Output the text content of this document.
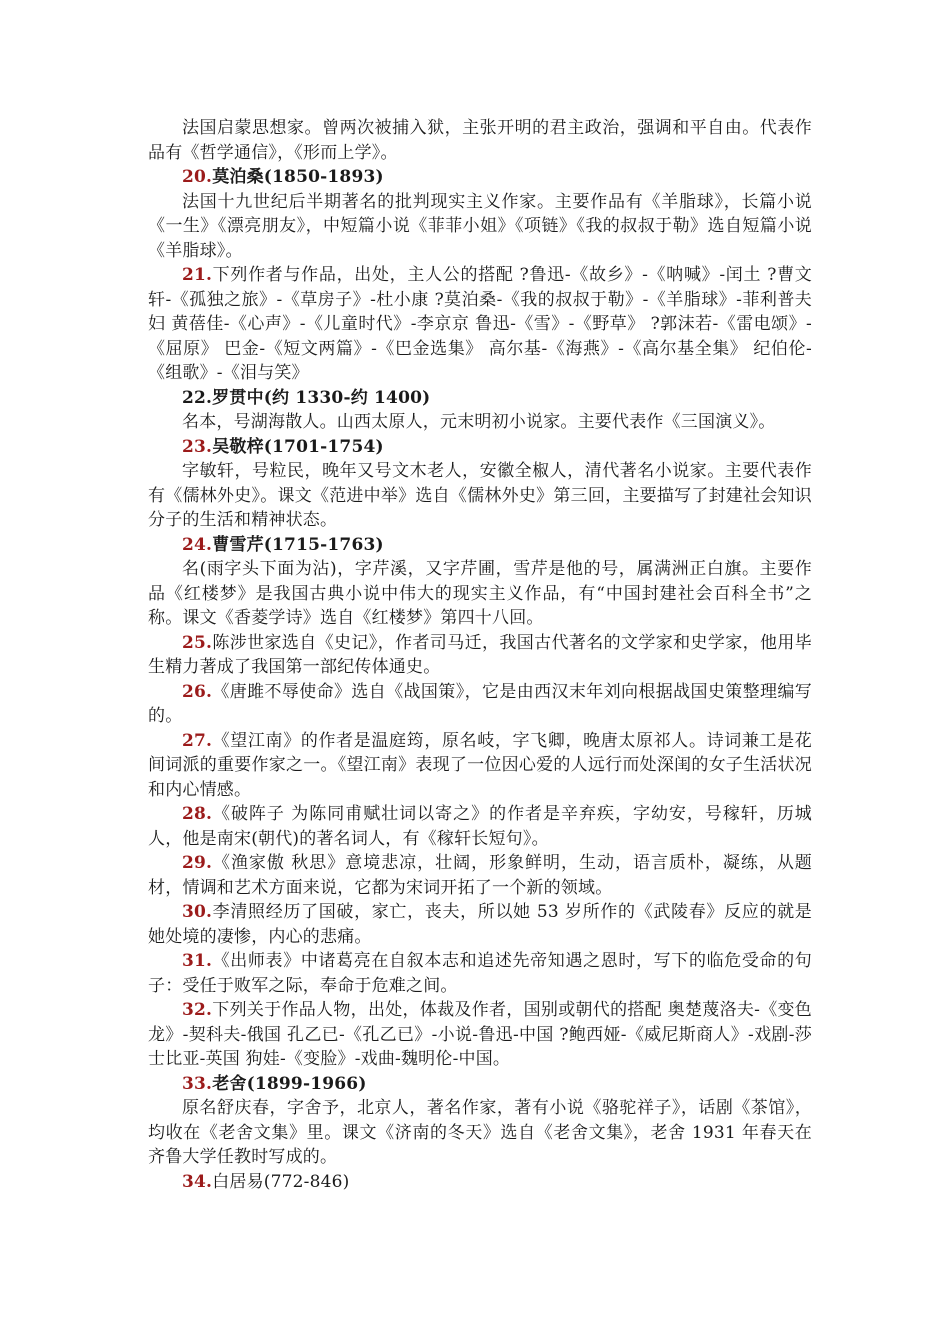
法国启蒙思想家。曾两次被捕入狱，主张开明的君主政治，强调和平自由。代表作品有《哲学通信》，《形而上学》。

20.莫泊桑(1850-1893)

法国十九世纪后半期著名的批判现实主义作家。主要作品有《羊脂球》，长篇小说《一生》《漂亮朋友》，中短篇小说《菲菲小姐》《项链》《我的叔叔于勒》选自短篇小说《羊脂球》。

21.下列作者与作品，出处，主人公的搭配 ?鲁迅-《故乡》-《呐喊》-闰土 ?曹文轩-《孤独之旅》-《草房子》-杜小康 ?莫泊桑-《我的叔叔于勒》-《羊脂球》-菲利普夫妇 黄蓓佳-《心声》-《儿童时代》-李京京 鲁迅-《雪》-《野草》 ?郭沫若-《雷电颂》-《屈原》 巴金-《短文两篇》-《巴金选集》 高尔基-《海燕》-《高尔基全集》 纪伯伦-《组歌》-《泪与笑》

22.罗贯中(约 1330-约 1400)

名本，号湖海散人。山西太原人，元末明初小说家。主要代表作《三国演义》。

23.吴敬梓(1701-1754)

字敏轩，号粒民，晚年又号文木老人，安徽全椒人，清代著名小说家。主要代表作有《儒林外史》。课文《范进中举》选自《儒林外史》第三回，主要描写了封建社会知识分子的生活和精神状态。

24.曹雪芹(1715-1763)

名(雨字头下面为沾)，字芹溪，又字芹圃，雪芹是他的号，属满洲正白旗。主要作品《红楼梦》是我国古典小说中伟大的现实主义作品，有“中国封建社会百科全书”之称。课文《香菱学诗》选自《红楼梦》第四十八回。

25.陈涉世家选自《史记》，作者司马迁，我国古代著名的文学家和史学家，他用毕生精力著成了我国第一部纪传体通史。

26.《唐雎不辱使命》选自《战国策》，它是由西汉末年刘向根据战国史策整理编写的。

27.《望江南》的作者是温庭筠，原名岐，字飞卿，晚唐太原祁人。诗词兼工是花间词派的重要作家之一。《望江南》表现了一位因心爱的人远行而处深闺的女子生活状况和内心情感。

28.《破阵子 为陈同甫赋壮词以寄之》的作者是辛弃疾，字幼安，号稼轩，历城人，他是南宋(朝代)的著名词人，有《稼轩长短句》。

29.《渔家傲 秋思》意境悲凉，壮阔，形象鲜明，生动，语言质朴，凝练，从题材，情调和艺术方面来说，它都为宋词开拓了一个新的领域。

30.李清照经历了国破，家亡，丧夫，所以她 53 岁所作的《武陵春》反应的就是她处境的凄惨，内心的悲痛。

31.《出师表》中诸葛亮在自叙本志和追述先帝知遇之恩时，写下的临危受命的句子：受任于败军之际，奉命于危难之间。

32.下列关于作品人物，出处，体裁及作者，国别或朝代的搭配 奥楚蔑洛夫-《变色龙》-契科夫-俄国 孔乙已-《孔乙已》-小说-鲁迅-中国 ?鲍西娅-《威尼斯商人》-戏剧-莎士比亚-英国 狗娃-《变脸》-戏曲-魏明伦-中国。

33.老舍(1899-1966)

原名舒庆春，字舍予，北京人，著名作家，著有小说《骆驼祥子》，话剧《茶馆》，均收在《老舍文集》里。课文《济南的冬天》选自《老舍文集》，老舍 1931 年春天在齐鲁大学任教时写成的。

34.白居易(772-846)
